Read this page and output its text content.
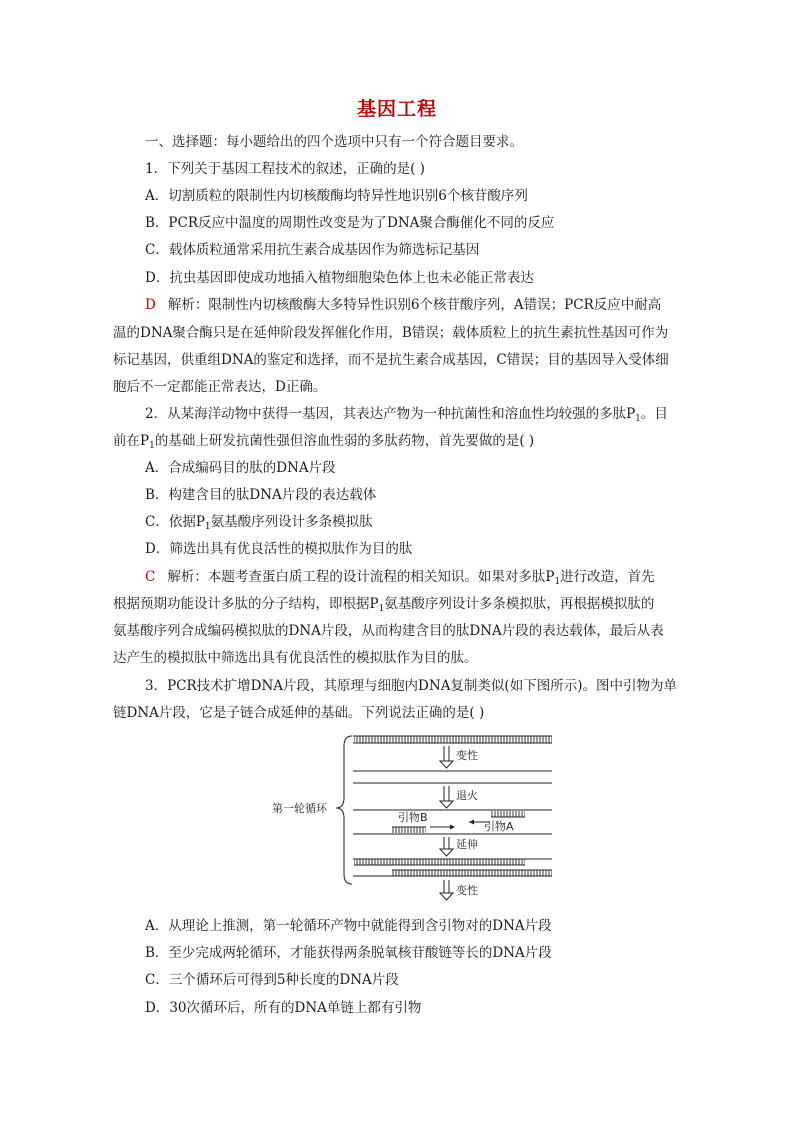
基因工程
一、选择题：每小题给出的四个选项中只有一个符合题目要求。
1．下列关于基因工程技术的叙述，正确的是( )
A．切割质粒的限制性内切核酸酶均特异性地识别6个核苷酸序列
B．PCR反应中温度的周期性改变是为了DNA聚合酶催化不同的反应
C．载体质粒通常采用抗生素合成基因作为筛选标记基因
D．抗虫基因即使成功地插入植物细胞染色体上也未必能正常表达
D 解析：限制性内切核酸酶大多特异性识别6个核苷酸序列，A错误；PCR反应中耐高
温的DNA聚合酶只是在延伸阶段发挥催化作用，B错误；载体质粒上的抗生素抗性基因可作为
标记基因，供重组DNA的鉴定和选择，而不是抗生素合成基因，C错误；目的基因导入受体细
胞后不一定都能正常表达，D正确。
2．从某海洋动物中获得一基因，其表达产物为一种抗菌性和溶血性均较强的多肽$P_1$。目
前在$P_1$的基础上研发抗菌性强但溶血性弱的多肽药物，首先要做的是( )
A．合成编码目的肽的DNA片段
B．构建含目的肽DNA片段的表达载体
C．依据$P_1$氨基酸序列设计多条模拟肽
D．筛选出具有优良活性的模拟肽作为目的肽
C 解析：本题考查蛋白质工程的设计流程的相关知识。如果对多肽$P_1$进行改造，首先
根据预期功能设计多肽的分子结构，即根据$P_1$氨基酸序列设计多条模拟肽，再根据模拟肽的
氨基酸序列合成编码模拟肽的DNA片段，从而构建含目的肽DNA片段的表达载体，最后从表
达产生的模拟肽中筛选出具有优良活性的模拟肽作为目的肽。
3．PCR技术扩增DNA片段，其原理与细胞内DNA复制类似(如下图所示)。图中引物为单
链DNA片段，它是子链合成延伸的基础。下列说法正确的是( )
第一轮循环
变性
退火
引物A
引物B
延伸
变性
A．从理论上推测，第一轮循环产物中就能得到含引物对的DNA片段
B．至少完成两轮循环，才能获得两条脱氧核苷酸链等长的DNA片段
C．三个循环后可得到5种长度的DNA片段
D．30次循环后，所有的DNA单链上都有引物
